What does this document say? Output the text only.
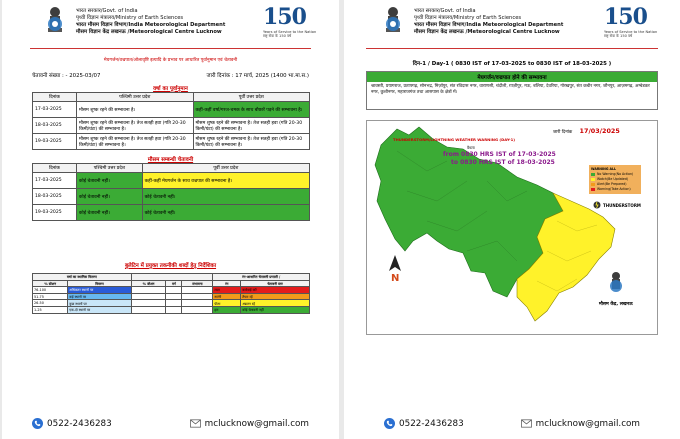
भारत सरकार/Govt. of India
पृथ्वी विज्ञान मंत्रालय/Ministry of Earth Sciences
भारत मौसम विज्ञान विभाग/India Meteorological Department
मौसम विज्ञान केंद्र लखनऊ /Meteorological Centre Lucknow
150
Years of Service to the Nation
राष्ट्र सेवा के 150 वर्ष
मेघगर्जन/वज्रपात/ओलावृष्टि इत्यादि के प्रभाव पर आधारित पूर्वानुमान एवं चेतावनी
चेतावनी संख्या : - 2025-03/07	जारी दिनांक : 17 मार्च, 2025 (1400 भा.मा.स.)
वर्षा का पूर्वानुमान
दिनांक	पश्चिमी उत्तर प्रदेश	पूर्वी उत्तर प्रदेश
17-03-2025	मौसम शुष्क रहने की सम्भावना है।	कहीं-कहीं वर्षा/गरज-चमक के साथ बौछारें पड़ने की सम्भावना है।
18-03-2025	मौसम शुष्क रहने की सम्भावना है। तेज सतही हवा (गति 20-30 किमी/घंटा) की सम्भावना है।	मौसम शुष्क रहने की सम्भावना है। तेज सतही हवा (गति 20-30 किमी/घंटा) की सम्भावना है।
19-03-2025	मौसम शुष्क रहने की सम्भावना है। तेज सतही हवा (गति 20-30 किमी/घंटा) की सम्भावना है।	मौसम शुष्क रहने की सम्भावना है। तेज सतही हवा (गति 20-30 किमी/घंटा) की सम्भावना है।
मौसम सम्बन्धी चेतावनी
दिनांक	पश्चिमी उत्तर प्रदेश	पूर्वी उत्तर प्रदेश
17-03-2025	कोई चेतावनी नहीं।	कहीं-कहीं मेघगर्जन के साथ वज्रपात की सम्भावना है।
18-03-2025	कोई चेतावनी नहीं।	कोई चेतावनी नहीं।
19-03-2025	कोई चेतावनी नहीं।	कोई चेतावनी नहीं।
बुलेटिन में प्रयुक्त तकनीकी शब्दों हेतु निर्देशिका
वर्षा का स्थानिक वितरण					रंग-आधारित चेतावनी प्रणाली /	
% स्टेशन	विवरण	% स्टेशन	वर्ग	संभावना	रंग	चेतावनी स्तर
76-100	अधिकतर स्थानों पर				लाल	कार्रवाई करें
51-75	कई स्थानों पर				नारंगी	तैयार रहें
26-50	कुछ स्थानों पर				पीला	अद्यतन रहें
1-25	एक-दो स्थानों पर				हरा	कोई चेतावनी नहीं
0522-2436283	mclucknow@gmail.com
भारत सरकार/Govt. of India
पृथ्वी विज्ञान मंत्रालय/Ministry of Earth Sciences
भारत मौसम विज्ञान विभाग/India Meteorological Department
मौसम विज्ञान केंद्र लखनऊ /Meteorological Centre Lucknow
150
Years of Service to the Nation
राष्ट्र सेवा के 150 वर्ष
दिन-1 / Day-1 ( 0830 IST of 17-03-2025 to 0830 IST of 18-03-2025 )
मेघगर्जन/वज्रपात होने की सम्भावना
श्रावस्ती, प्रयागराज, प्रतापगढ़, सोनभद्र, मिर्ज़ापुर, संत रविदास नगर, वाराणसी, चंदौली, ग़ाज़ीपुर, मऊ, बलिया, देवरिया, गोरखपुर, संत कबीर नगर, जौनपुर, आज़मगढ़, अम्बेडकर नगर, कुशीनगर, महाराजगंज तथा आसपास के क्षेत्रों में।
N
जारी दिनांक 17/03/2025
THUNDERSTORM/LIGHTNING WEATHER WARNING (DAY-1)
वैधता
from 0830 HRS IST of 17-03-2025
to 0830 HRS IST of 18-03-2025
WARNING ALL
No Warning(No Action)
Watch(Be Updated)
Alert(Be Prepared)
Warning(Take Action)
THUNDERSTORM
मौसम केंद्र, लखनऊ
0522-2436283	mclucknow@gmail.com
